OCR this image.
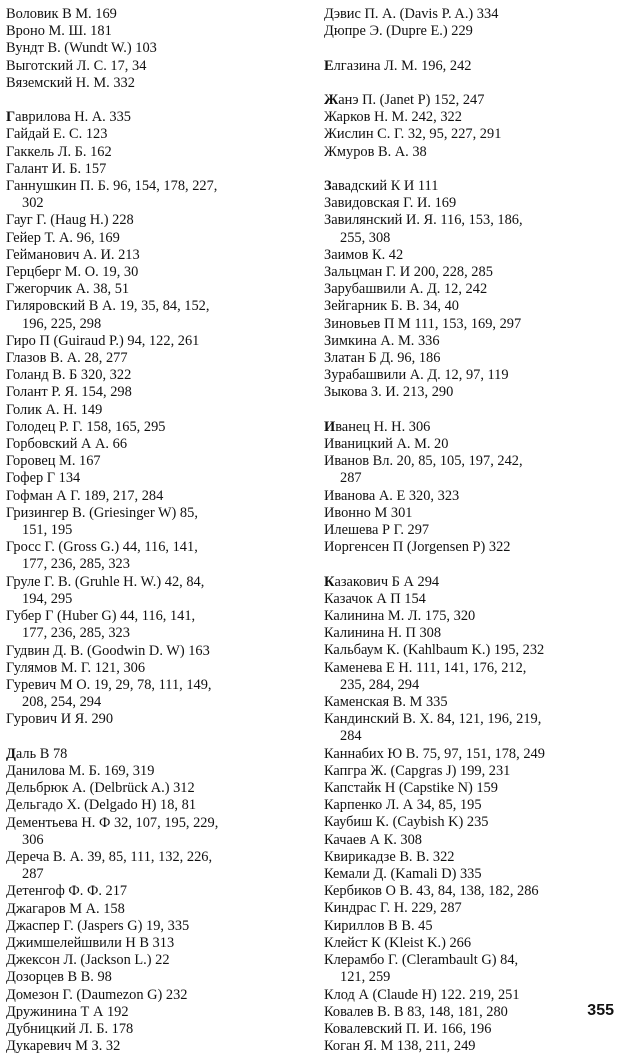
Воловик В М. 169
Вроно М. Ш. 181
Вундт В. (Wundt W.) 103
Выготский Л. С. 17, 34
Вяземский Н. М. 332
Гаврилова Н. А. 335
Гайдай Е. С. 123
Гаккель Л. Б. 162
Галант И. Б. 157
Ганнушкин П. Б. 96, 154, 178, 227,
302
Гауг Г. (Haug H.) 228
Гейер Т. А. 96, 169
Гейманович А. И. 213
Герцберг М. О. 19, 30
Гжегорчик А. 38, 51
Гиляровский В А. 19, 35, 84, 152,
196, 225, 298
Гиро П (Guiraud P.) 94, 122, 261
Глазов В. А. 28, 277
Голанд В. Б 320, 322
Голант Р. Я. 154, 298
Голик А. Н. 149
Голодец Р. Г. 158, 165, 295
Горбовский А А. 66
Горовец М. 167
Гофер Г 134
Гофман А Г. 189, 217, 284
Гризингер В. (Griesinger W) 85,
151, 195
Гросс Г. (Gross G.) 44, 116, 141,
177, 236, 285, 323
Груле Г. В. (Gruhle H. W.) 42, 84,
194, 295
Губер Г (Huber G) 44, 116, 141,
177, 236, 285, 323
Гудвин Д. В. (Goodwin D. W) 163
Гулямов М. Г. 121, 306
Гуревич М О. 19, 29, 78, 111, 149,
208, 254, 294
Гурович И Я. 290
Даль В 78
Данилова М. Б. 169, 319
Дельбрюк А. (Delbrück A.) 312
Дельгадо X. (Delgado H) 18, 81
Дементьева Н. Ф 32, 107, 195, 229,
306
Дереча В. А. 39, 85, 111, 132, 226,
287
Детенгоф Ф. Ф. 217
Джагаров М А. 158
Джаспер Г. (Jaspers G) 19, 335
Джимшелейшвили Н В 313
Джексон Л. (Jackson L.) 22
Дозорцев В В. 98
Домезон Г. (Daumezon G) 232
Дружинина Т А 192
Дубницкий Л. Б. 178
Дукаревич М З. 32
Дэвис П. А. (Davis P. A.) 334
Дюпре Э. (Dupre E.) 229
Елгазина Л. М. 196, 242
Жанэ П. (Janet P) 152, 247
Жарков Н. М. 242, 322
Жислин С. Г. 32, 95, 227, 291
Жмуров В. А. 38
Завадский К И 111
Завидовская Г. И. 169
Завилянский И. Я. 116, 153, 186,
255, 308
Заимов К. 42
Зальцман Г. И 200, 228, 285
Зарубашвили А. Д. 12, 242
Зейгарник Б. В. 34, 40
Зиновьев П М 111, 153, 169, 297
Зимкина А. М. 336
Златан Б Д. 96, 186
Зурабашвили А. Д. 12, 97, 119
Зыкова З. И. 213, 290
Иванец Н. Н. 306
Иваницкий А. М. 20
Иванов Вл. 20, 85, 105, 197, 242,
287
Иванова А. Е 320, 323
Ивонно М 301
Илешева Р Г. 297
Иоргенсен П (Jorgensen P) 322
Казакович Б А 294
Казачок А П 154
Калинина М. Л. 175, 320
Калинина Н. П 308
Кальбаум К. (Kahlbaum K.) 195, 232
Каменева Е Н. 111, 141, 176, 212,
235, 284, 294
Каменская В. М 335
Кандинский В. Х. 84, 121, 196, 219,
284
Каннабих Ю В. 75, 97, 151, 178, 249
Капгра Ж. (Capgras J) 199, 231
Капстайк Н (Capstike N) 159
Карпенко Л. А 34, 85, 195
Каубиш К. (Caybish K) 235
Качаев А К. 308
Квирикадзе В. В. 322
Кемали Д. (Kamali D) 335
Кербиков О В. 43, 84, 138, 182, 286
Киндрас Г. Н. 229, 287
Кириллов В В. 45
Клейст К (Kleist K.) 266
Клерамбо Г. (Clerambault G) 84,
121, 259
Клод А (Claude H) 122. 219, 251
Ковалев В. В 83, 148, 181, 280
Ковалевский П. И. 166, 196
Коган Я. М 138, 211, 249
355
